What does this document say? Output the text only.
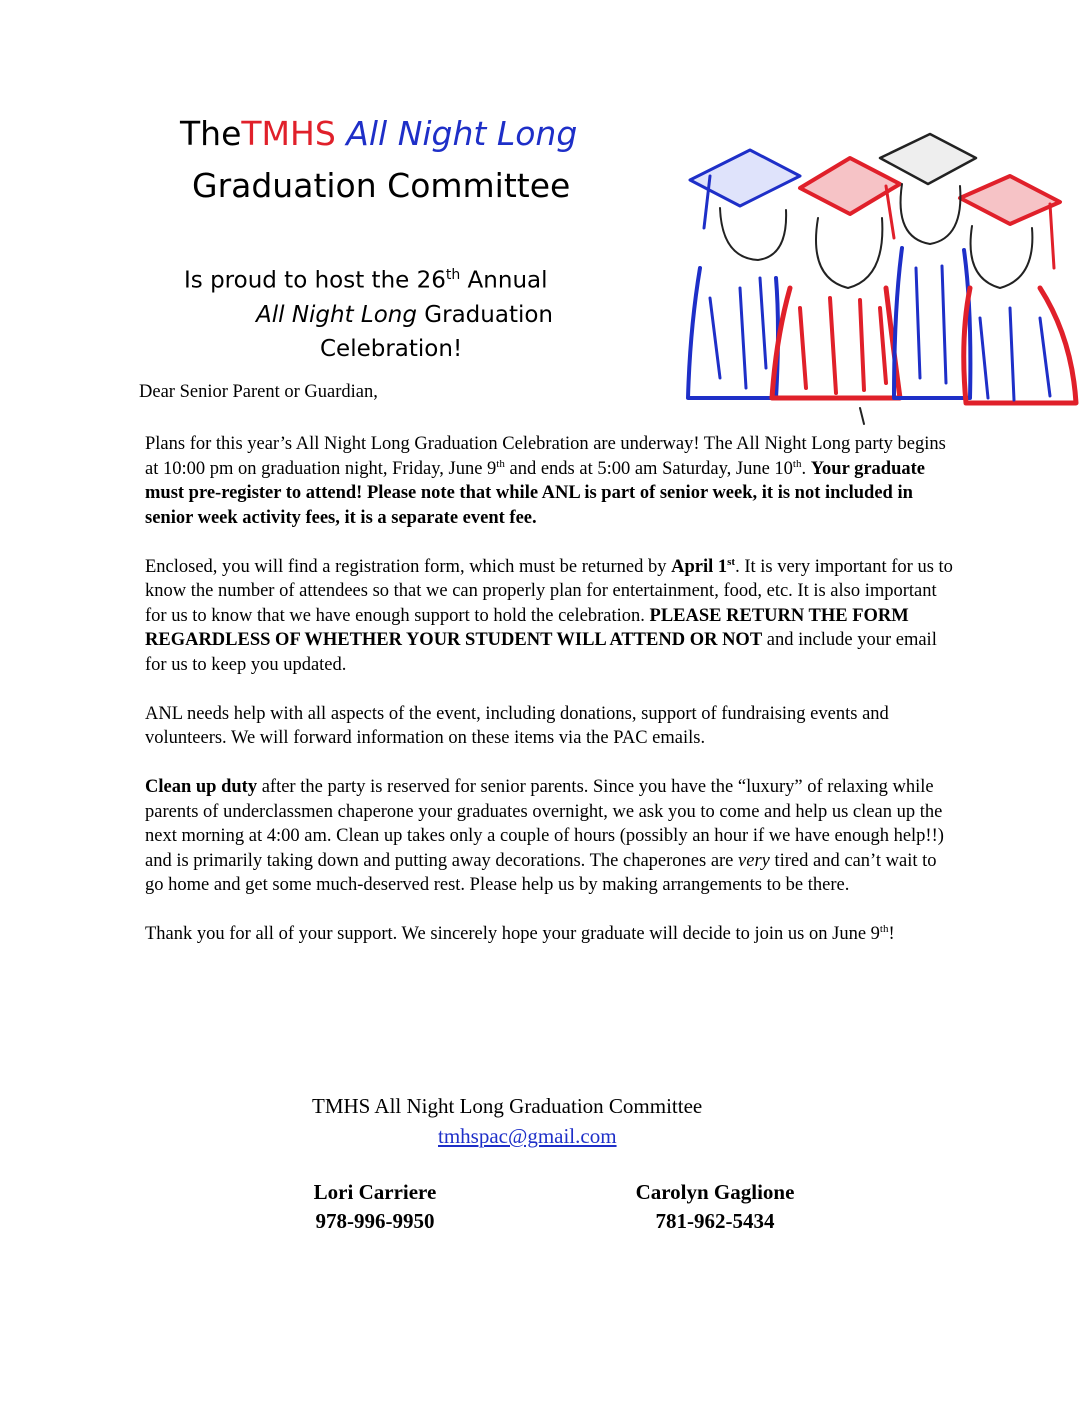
TheTMHS All Night Long
Graduation Committee
Is proud to host the 26th Annual
All Night Long Graduation
Celebration!
Dear Senior Parent or Guardian,

Plans for this year’s All Night Long Graduation Celebration are underway! The All Night Long party begins at 10:00 pm on graduation night, Friday, June 9th and ends at 5:00 am Saturday, June 10th. Your graduate must pre-register to attend! Please note that while ANL is part of senior week, it is not included in senior week activity fees, it is a separate event fee.

Enclosed, you will find a registration form, which must be returned by April 1st. It is very important for us to know the number of attendees so that we can properly plan for entertainment, food, etc. It is also important for us to know that we have enough support to hold the celebration. PLEASE RETURN THE FORM REGARDLESS OF WHETHER YOUR STUDENT WILL ATTEND OR NOT and include your email for us to keep you updated.

ANL needs help with all aspects of the event, including donations, support of fundraising events and volunteers. We will forward information on these items via the PAC emails.

Clean up duty after the party is reserved for senior parents. Since you have the “luxury” of relaxing while parents of underclassmen chaperone your graduates overnight, we ask you to come and help us clean up the next morning at 4:00 am. Clean up takes only a couple of hours (possibly an hour if we have enough help!!) and is primarily taking down and putting away decorations. The chaperones are very tired and can’t wait to go home and get some much-deserved rest. Please help us by making arrangements to be there.

Thank you for all of your support. We sincerely hope your graduate will decide to join us on June 9th!

TMHS All Night Long Graduation Committee
tmhspac@gmail.com
Lori Carriere
978-996-9950
Carolyn Gaglione
781-962-5434
